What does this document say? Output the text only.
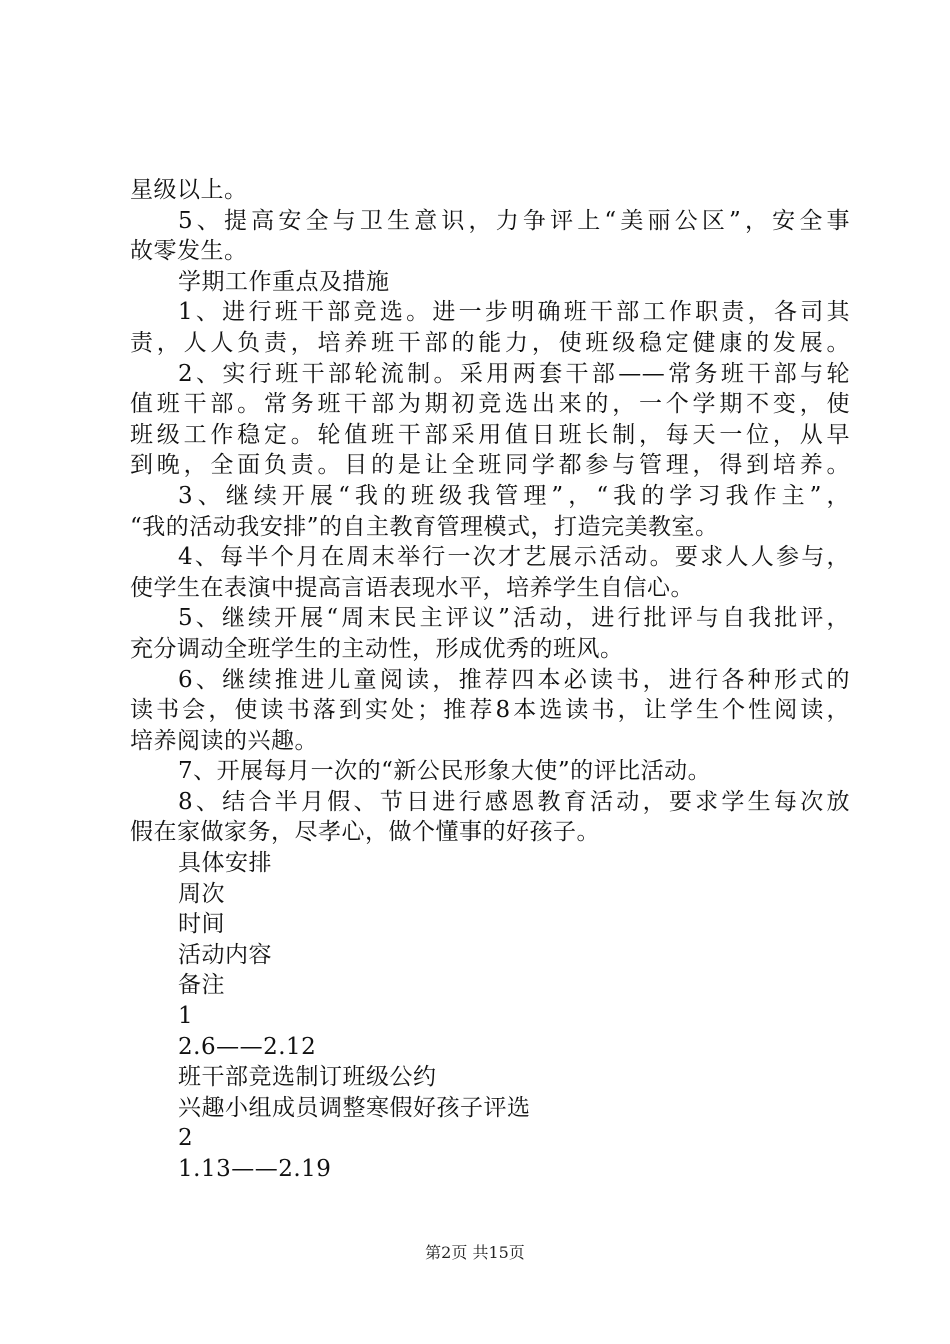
星级以上。
5、提高安全与卫生意识，力争评上“美丽公区”，安全事
故零发生。
学期工作重点及措施
1、进行班干部竞选。进一步明确班干部工作职责，各司其
责，人人负责，培养班干部的能力，使班级稳定健康的发展。
2、实行班干部轮流制。采用两套干部——常务班干部与轮
值班干部。常务班干部为期初竞选出来的，一个学期不变，使
班级工作稳定。轮值班干部采用值日班长制，每天一位，从早
到晚，全面负责。目的是让全班同学都参与管理，得到培养。
3、继续开展“我的班级我管理”，“我的学习我作主”，
“我的活动我安排”的自主教育管理模式，打造完美教室。
4、每半个月在周末举行一次才艺展示活动。要求人人参与，
使学生在表演中提高言语表现水平，培养学生自信心。
5、继续开展“周末民主评议”活动，进行批评与自我批评，
充分调动全班学生的主动性，形成优秀的班风。
6、继续推进儿童阅读，推荐四本必读书，进行各种形式的
读书会，使读书落到实处；推荐8本选读书，让学生个性阅读，
培养阅读的兴趣。
7、开展每月一次的“新公民形象大使”的评比活动。
8、结合半月假、节日进行感恩教育活动，要求学生每次放
假在家做家务，尽孝心，做个懂事的好孩子。
具体安排
周次
时间
活动内容
备注
1
2.6——2.12
班干部竞选制订班级公约
兴趣小组成员调整寒假好孩子评选
2
1.13——2.19
第2页 共15页
